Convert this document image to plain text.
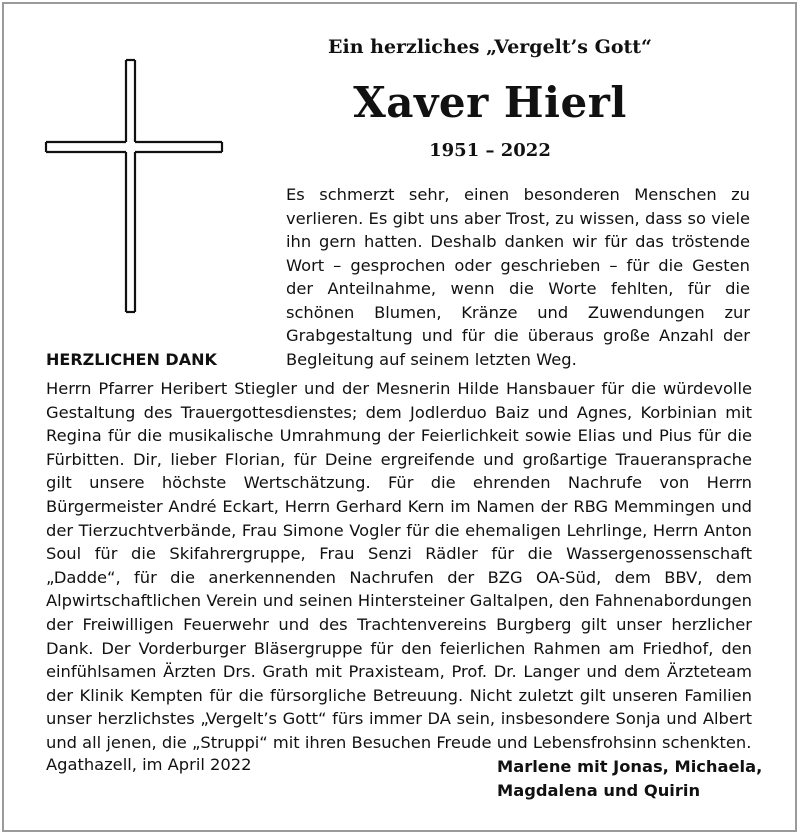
Ein herzliches „Vergelt’s Gott“
Xaver Hierl
1951 – 2022
Es schmerzt sehr, einen besonderen Menschen zu verlieren. Es gibt uns aber Trost, zu wissen, dass so viele ihn gern hatten. Deshalb danken wir für das tröstende Wort – gesprochen oder geschrieben – für die Gesten der Anteilnahme, wenn die Worte fehlten, für die schönen Blumen, Kränze und Zuwendungen zur Grabgestaltung und für die überaus große Anzahl der Begleitung auf seinem letzten Weg.
HERZLICHEN DANK
Herrn Pfarrer Heribert Stiegler und der Mesnerin Hilde Hansbauer für die würdevolle Gestaltung des Trauergottesdienstes; dem Jodlerduo Baiz und Agnes, Korbinian mit Regina für die musikalische Umrahmung der Feierlichkeit sowie Elias und Pius für die Fürbitten. Dir, lieber Florian, für Deine ergreifende und großartige Traueransprache gilt unsere höchste Wertschätzung. Für die ehrenden Nachrufe von Herrn Bürgermeister André Eckart, Herrn Gerhard Kern im Namen der RBG Memmingen und der Tierzuchtverbände, Frau Simone Vogler für die ehemaligen Lehrlinge, Herrn Anton Soul für die Skifahrergruppe, Frau Senzi Rädler für die Wassergenossenschaft „Dadde“, für die anerkennenden Nachrufen der BZG OA-Süd, dem BBV, dem Alpwirtschaftlichen Verein und seinen Hintersteiner Galtalpen, den Fahnenabordungen der Freiwilligen Feuerwehr und des Trachtenvereins Burgberg gilt unser herzlicher Dank. Der Vorderburger Bläsergruppe für den feierlichen Rahmen am Friedhof, den einfühlsamen Ärzten Drs. Grath mit Praxisteam, Prof. Dr. Langer und dem Ärzteteam der Klinik Kempten für die fürsorgliche Betreuung. Nicht zuletzt gilt unseren Familien unser herzlichstes „Vergelt’s Gott“ fürs immer DA sein, insbesondere Sonja und Albert und all jenen, die „Struppi“ mit ihren Besuchen Freude und Lebensfrohsinn schenkten.
Agathazell, im April 2022	Marlene mit Jonas, Michaela,
Magdalena und Quirin
